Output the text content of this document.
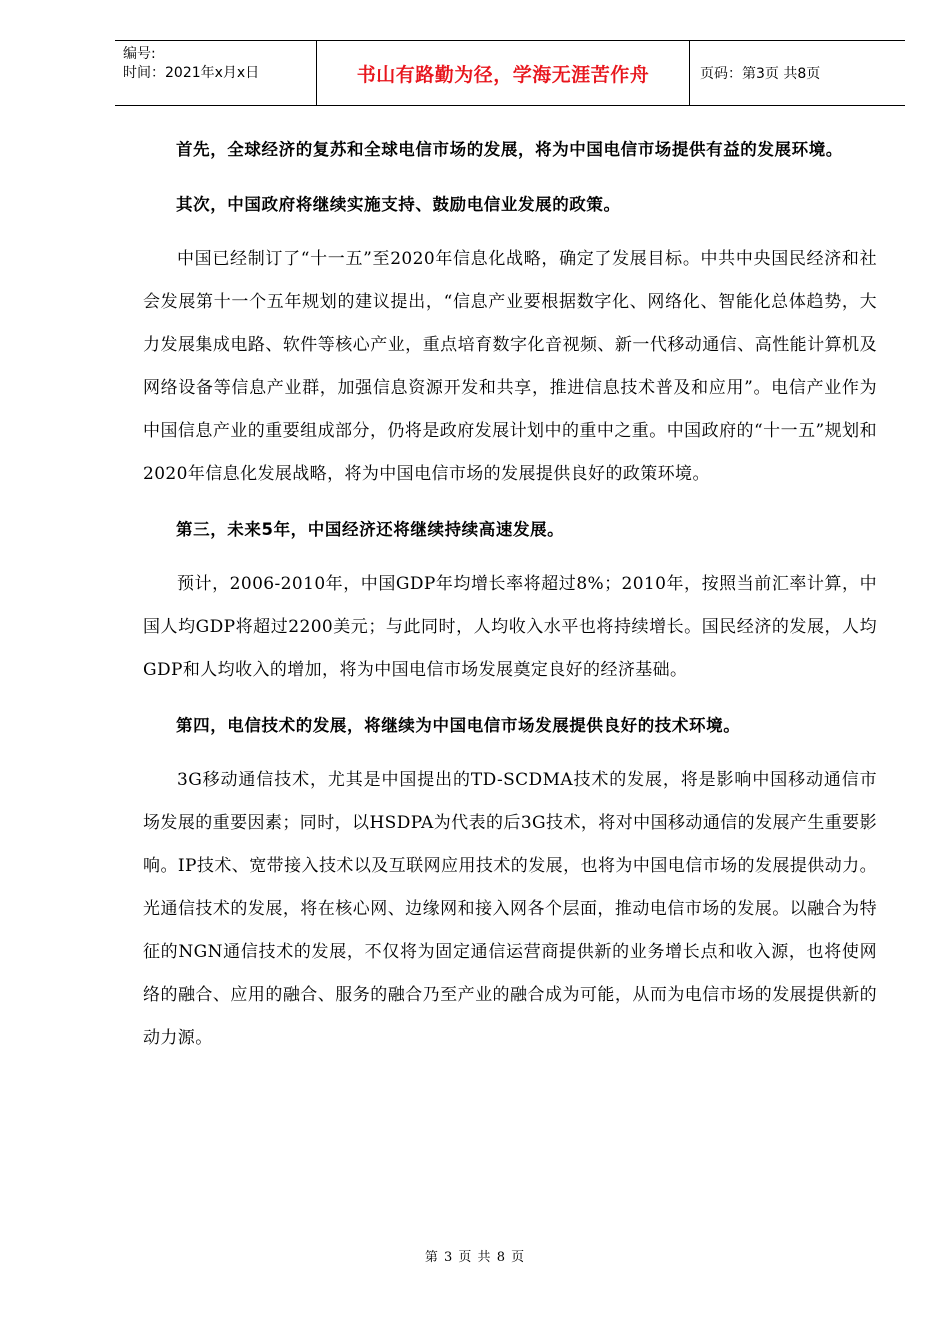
编号:
时间：2021年x月x日	书山有路勤为径，学海无涯苦作舟	页码：第3页 共8页

首先，全球经济的复苏和全球电信市场的发展，将为中国电信市场提供有益的发展环境。

其次，中国政府将继续实施支持、鼓励电信业发展的政策。

中国已经制订了“十一五”至2020年信息化战略，确定了发展目标。中共中央国民经济和社会发展第十一个五年规划的建议提出，“信息产业要根据数字化、网络化、智能化总体趋势，大力发展集成电路、软件等核心产业，重点培育数字化音视频、新一代移动通信、高性能计算机及网络设备等信息产业群，加强信息资源开发和共享，推进信息技术普及和应用”。电信产业作为中国信息产业的重要组成部分，仍将是政府发展计划中的重中之重。中国政府的“十一五”规划和2020年信息化发展战略，将为中国电信市场的发展提供良好的政策环境。

第三，未来5年，中国经济还将继续持续高速发展。

预计，2006-2010年，中国GDP年均增长率将超过8%；2010年，按照当前汇率计算，中国人均GDP将超过2200美元；与此同时，人均收入水平也将持续增长。国民经济的发展，人均GDP和人均收入的增加，将为中国电信市场发展奠定良好的经济基础。

第四，电信技术的发展，将继续为中国电信市场发展提供良好的技术环境。

3G移动通信技术，尤其是中国提出的TD-SCDMA技术的发展，将是影响中国移动通信市场发展的重要因素；同时，以HSDPA为代表的后3G技术，将对中国移动通信的发展产生重要影响。IP技术、宽带接入技术以及互联网应用技术的发展，也将为中国电信市场的发展提供动力。光通信技术的发展，将在核心网、边缘网和接入网各个层面，推动电信市场的发展。以融合为特征的NGN通信技术的发展，不仅将为固定通信运营商提供新的业务增长点和收入源，也将使网络的融合、应用的融合、服务的融合乃至产业的融合成为可能，从而为电信市场的发展提供新的动力源。

第 3 页 共 8 页
